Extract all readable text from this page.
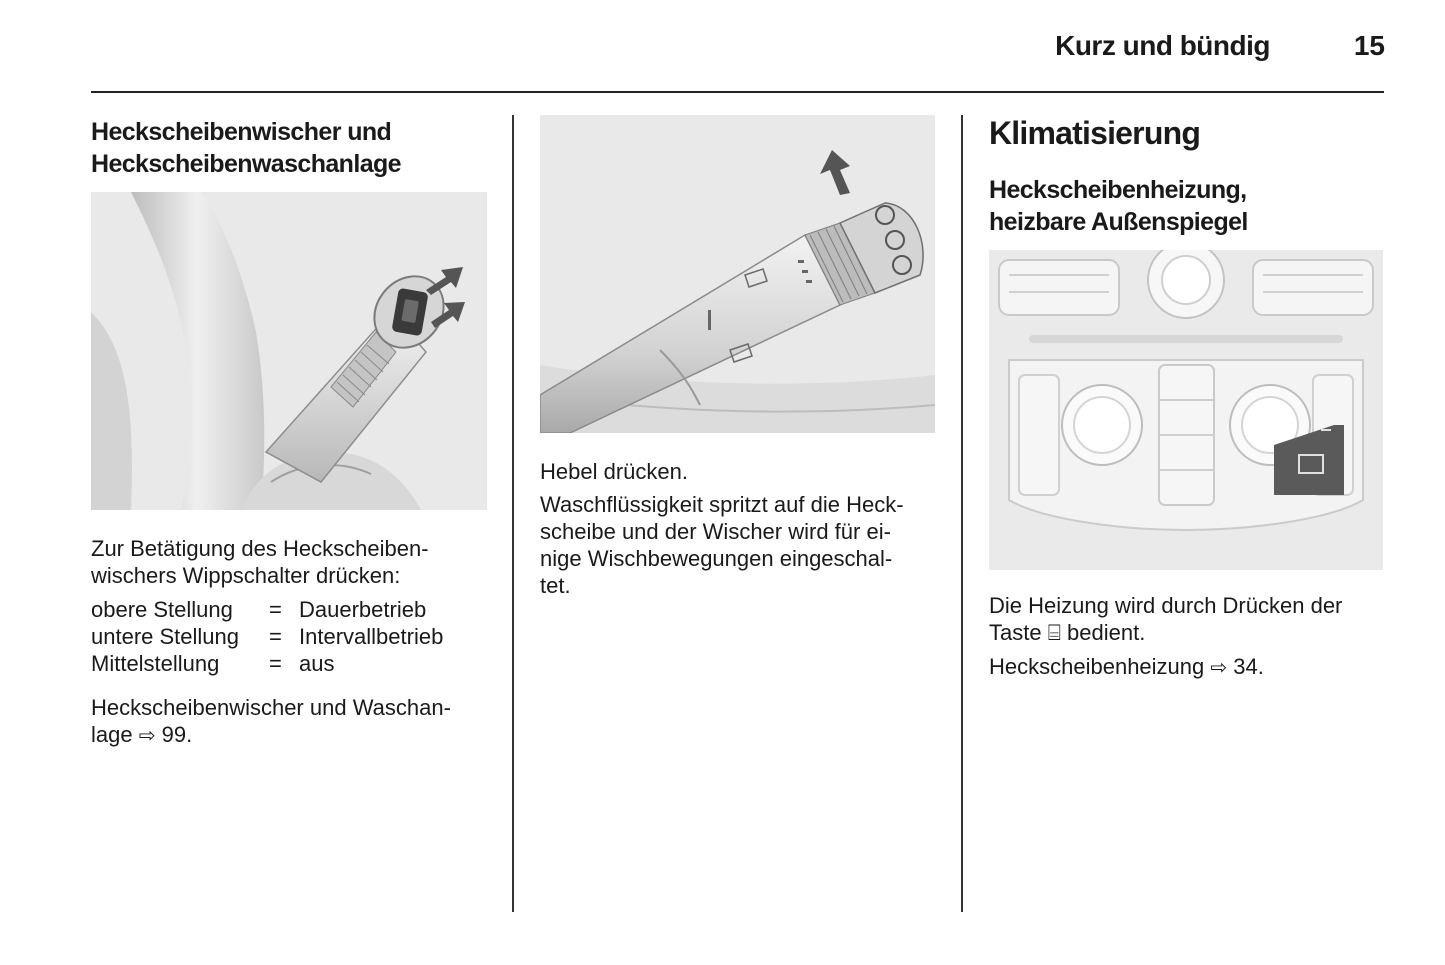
Kurz und bündig	15
Heckscheibenwischer und
Heckscheibenwaschanlage

Zur Betätigung des Heckscheiben-
wischers Wippschalter drücken:

obere Stellung	=	Dauerbetrieb
untere Stellung	=	Intervallbetrieb
Mittelstellung	=	aus

Heckscheibenwischer und Waschan-
lage ⇨ 99.

Hebel drücken.

Waschflüssigkeit spritzt auf die Heck-
scheibe und der Wischer wird für ei-
nige Wischbewegungen eingeschal-
tet.

Klimatisierung
Heckscheibenheizung,
heizbare Außenspiegel

Die Heizung wird durch Drücken der
Taste ⌸ bedient.

Heckscheibenheizung ⇨ 34.
